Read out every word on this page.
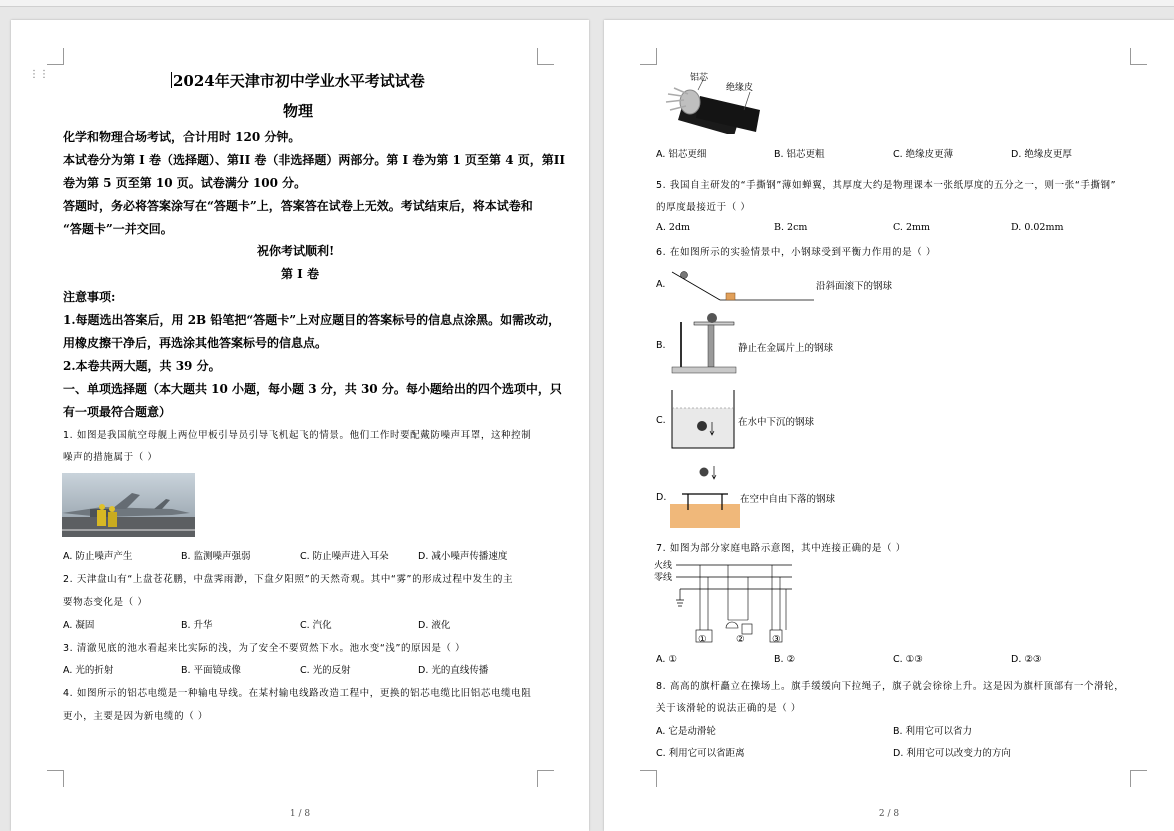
⋮⋮	2024年天津市初中学业水平考试试卷
物理
化学和物理合场考试，合计用时 120 分钟。
本试卷分为第 I 卷（选择题）、第II 卷（非选择题）两部分。第 I 卷为第 1 页至第 4 页，第II
卷为第 5 页至第 10 页。试卷满分 100 分。
答题时，务必将答案涂写在“答题卡”上，答案答在试卷上无效。考试结束后，将本试卷和
“答题卡”一并交回。
祝你考试顺利!
第 I 卷
注意事项:
1.每题选出答案后，用 2B 铅笔把“答题卡”上对应题目的答案标号的信息点涂黑。如需改动，
用橡皮擦干净后，再选涂其他答案标号的信息点。
2.本卷共两大题，共 39 分。
一、单项选择题（本大题共 10 小题，每小题 3 分，共 30 分。每小题给出的四个选项中，只
有一项最符合题意）
1. 如图是我国航空母舰上两位甲板引导员引导飞机起飞的情景。他们工作时要配戴防噪声耳罩，这种控制
噪声的措施属于（ ）
A. 防止噪声产生	B. 监测噪声强弱	C. 防止噪声进入耳朵	D. 减小噪声传播速度
2. 天津盘山有“上盘苍花鹏，中盘霁雨渺，下盘夕阳照”的天然奇观。其中“雾”的形成过程中发生的主
要物态变化是（ ）
A. 凝固	B. 升华	C. 汽化	D. 液化
3. 清澈见底的池水看起来比实际的浅，为了安全不要贸然下水。池水变“浅”的原因是（ ）
A. 光的折射	B. 平面镜成像	C. 光的反射	D. 光的直线传播
4. 如图所示的铝芯电缆是一种输电导线。在某村输电线路改造工程中，更换的铝芯电缆比旧铝芯电缆电阻
更小，主要是因为新电缆的（ ）
1 / 8
铝芯
绝缘皮
A. 铝芯更细	B. 铝芯更粗	C. 绝缘皮更薄	D. 绝缘皮更厚
5. 我国自主研发的“手撕钢”薄如蝉翼，其厚度大约是物理课本一张纸厚度的五分之一，则一张“手撕钢”
的厚度最接近于（ ）
A. 2dm	B. 2cm	C. 2mm	D. 0.02mm
6. 在如图所示的实验情景中，小钢球受到平衡力作用的是（ ）
A.	沿斜面滚下的钢球
B.	静止在金属片上的钢球
C.	在水中下沉的钢球
D.	在空中自由下落的钢球
7. 如图为部分家庭电路示意图，其中连接正确的是（ ）
火线
零线
①	②	③
A. ①	B. ②	C. ①③	D. ②③
8. 高高的旗杆矗立在操场上。旗手缓缓向下拉绳子，旗子就会徐徐上升。这是因为旗杆顶部有一个滑轮，
关于该滑轮的说法正确的是（ ）
A. 它是动滑轮	B. 利用它可以省力
C. 利用它可以省距离	D. 利用它可以改变力的方向
2 / 8
